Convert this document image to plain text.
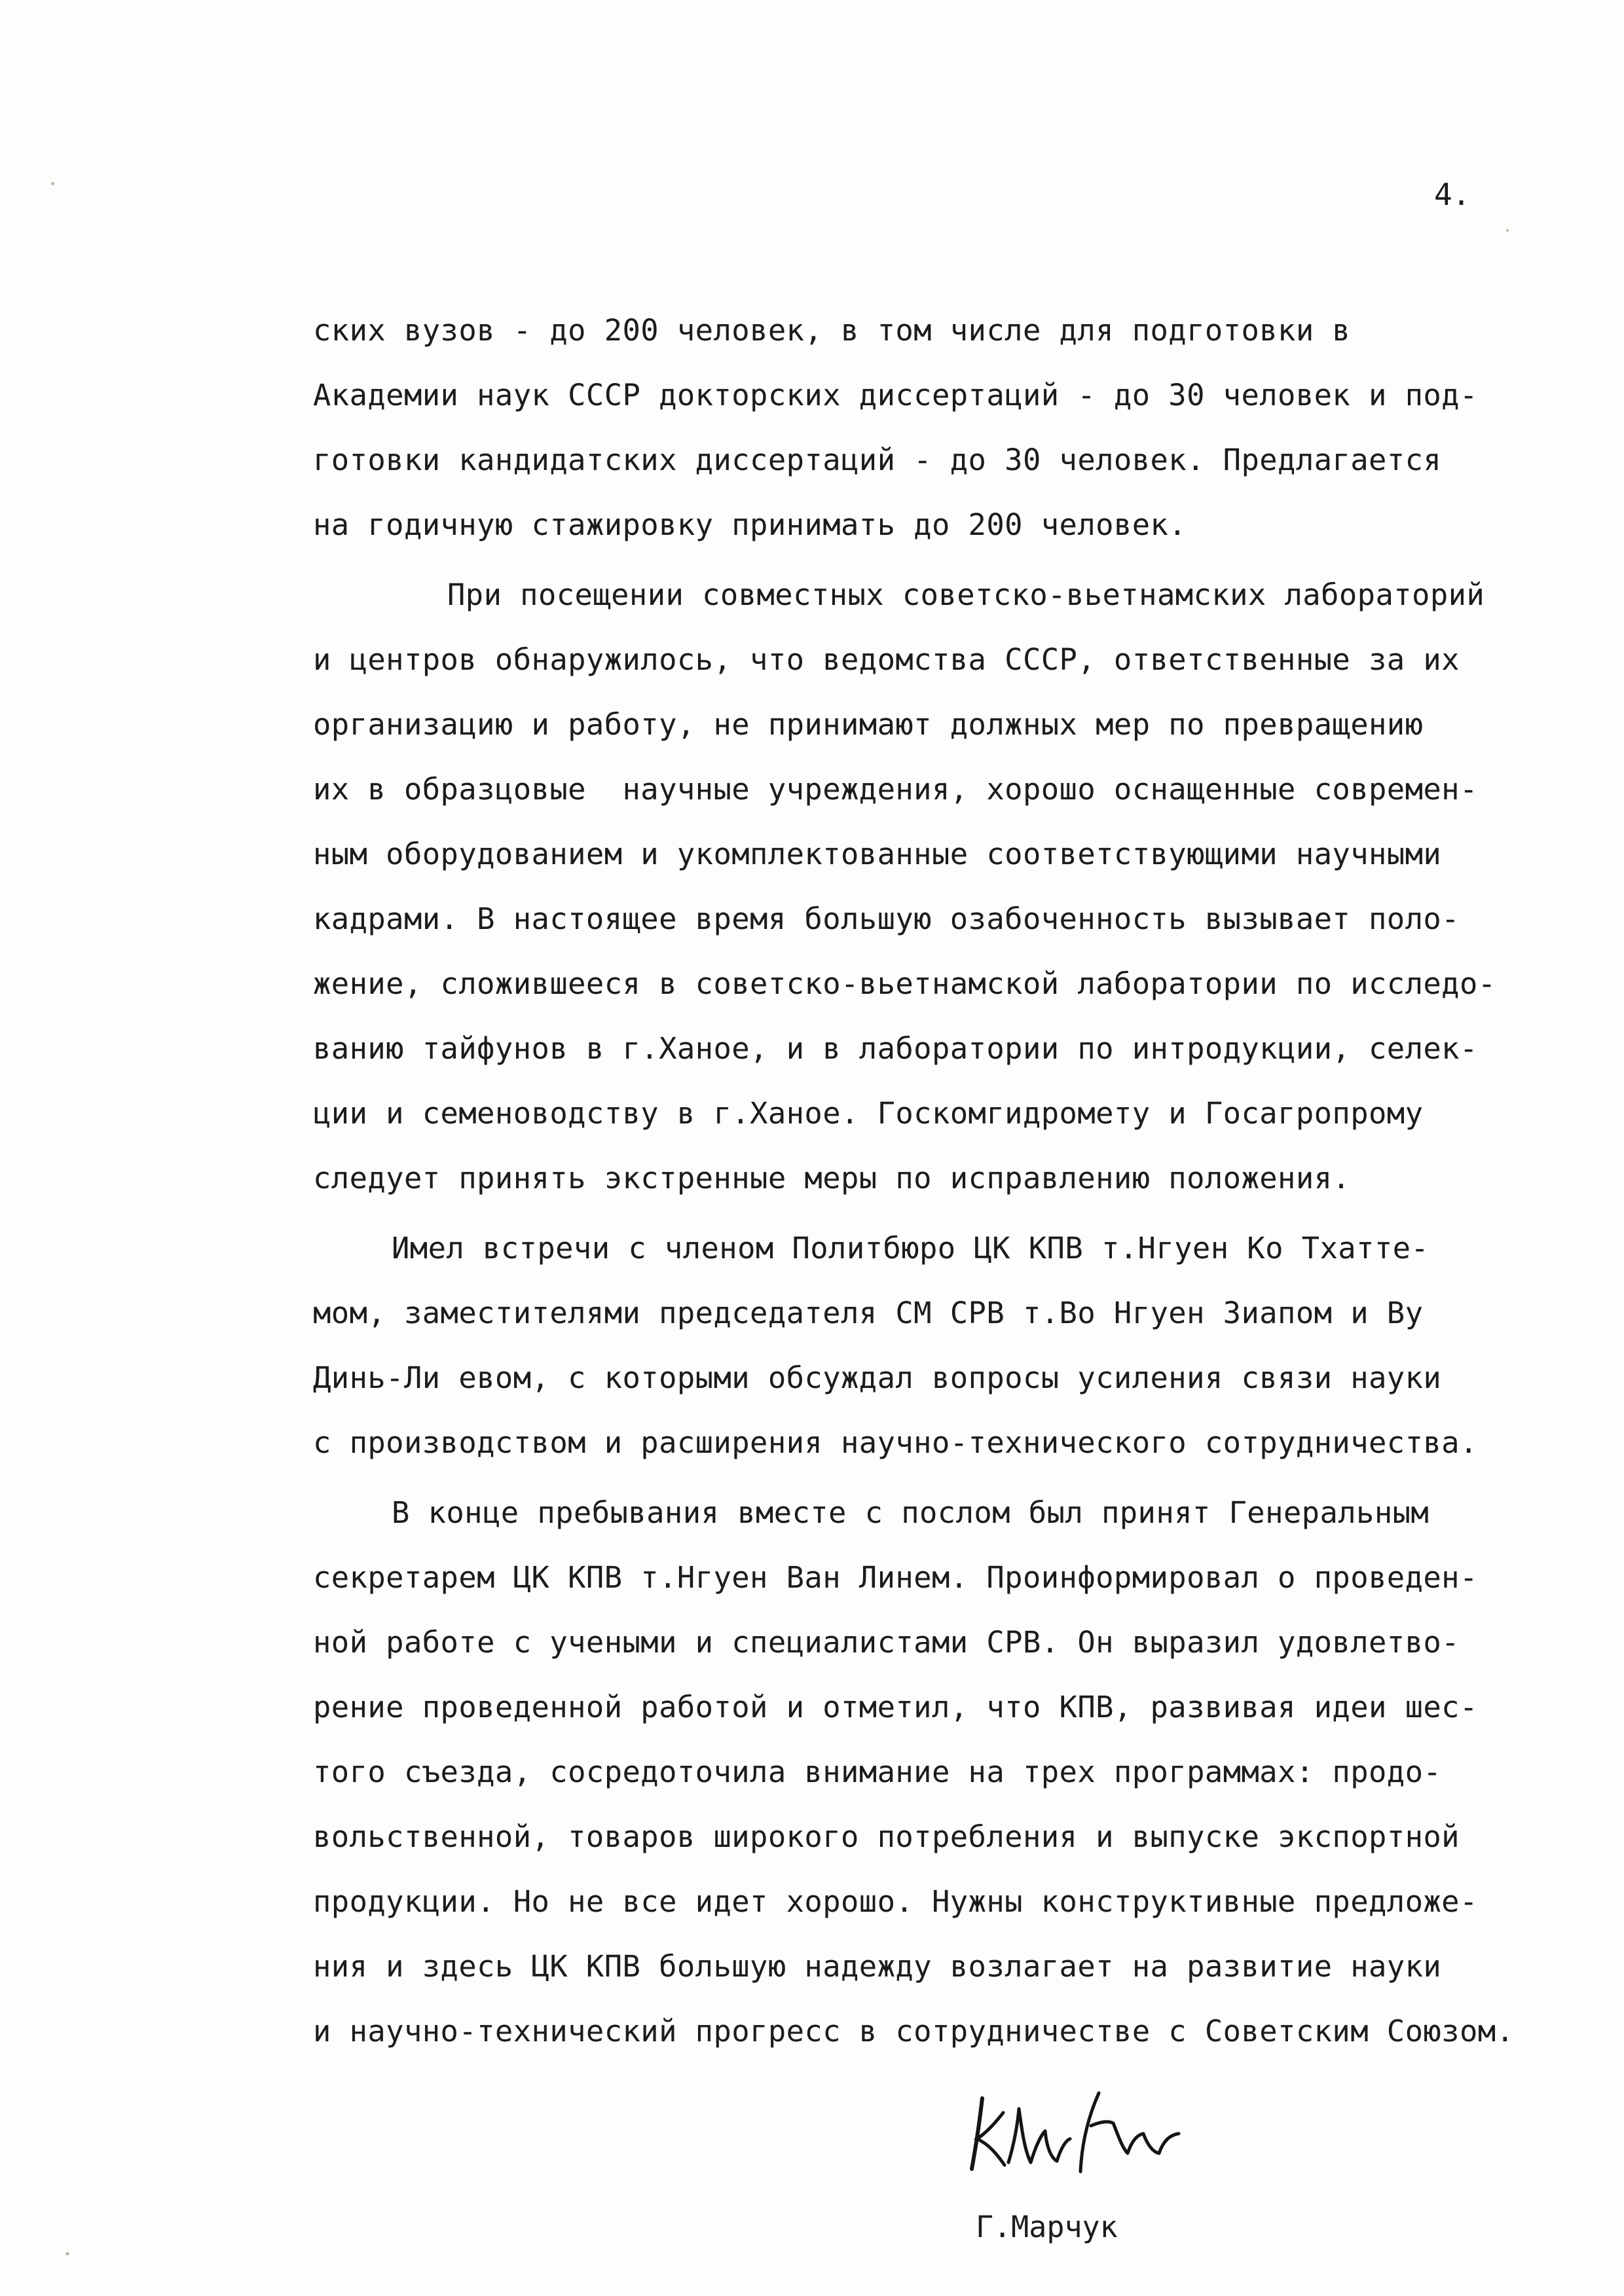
4.
ских вузов - до 200 человек, в том числе для подготовки в
Академии наук СССР докторских диссертаций - до 30 человек и под-
готовки кандидатских диссертаций - до 30 человек. Предлагается
на годичную стажировку принимать до 200 человек.
При посещении совместных советско-вьетнамских лабораторий
и центров обнаружилось, что ведомства СССР, ответственные за их
организацию и работу, не принимают должных мер по превращению
их в образцовые  научные учреждения, хорошо оснащенные современ-
ным оборудованием и укомплектованные соответствующими научными
кадрами. В настоящее время большую озабоченность вызывает поло-
жение, сложившееся в советско-вьетнамской лаборатории по исследо-
ванию тайфунов в г.Ханое, и в лаборатории по интродукции, селек-
ции и семеноводству в г.Ханое. Госкомгидромету и Госагропрому
следует принять экстренные меры по исправлению положения.
Имел встречи с членом Политбюро ЦК КПВ т.Нгуен Ко Тхатте-
мом, заместителями председателя СМ СРВ т.Во Нгуен Зиапом и Ву
Динь-Ли евом, с которыми обсуждал вопросы усиления связи науки
с производством и расширения научно-технического сотрудничества.
В конце пребывания вместе с послом был принят Генеральным
секретарем ЦК КПВ т.Нгуен Ван Линем. Проинформировал о проведен-
ной работе с учеными и специалистами СРВ. Он выразил удовлетво-
рение проведенной работой и отметил, что КПВ, развивая идеи шес-
того съезда, сосредоточила внимание на трех программах: продо-
вольственной, товаров широкого потребления и выпуске экспортной
продукции. Но не все идет хорошо. Нужны конструктивные предложе-
ния и здесь ЦК КПВ большую надежду возлагает на развитие науки
и научно-технический прогресс в сотрудничестве с Советским Союзом.
Г.Марчук
